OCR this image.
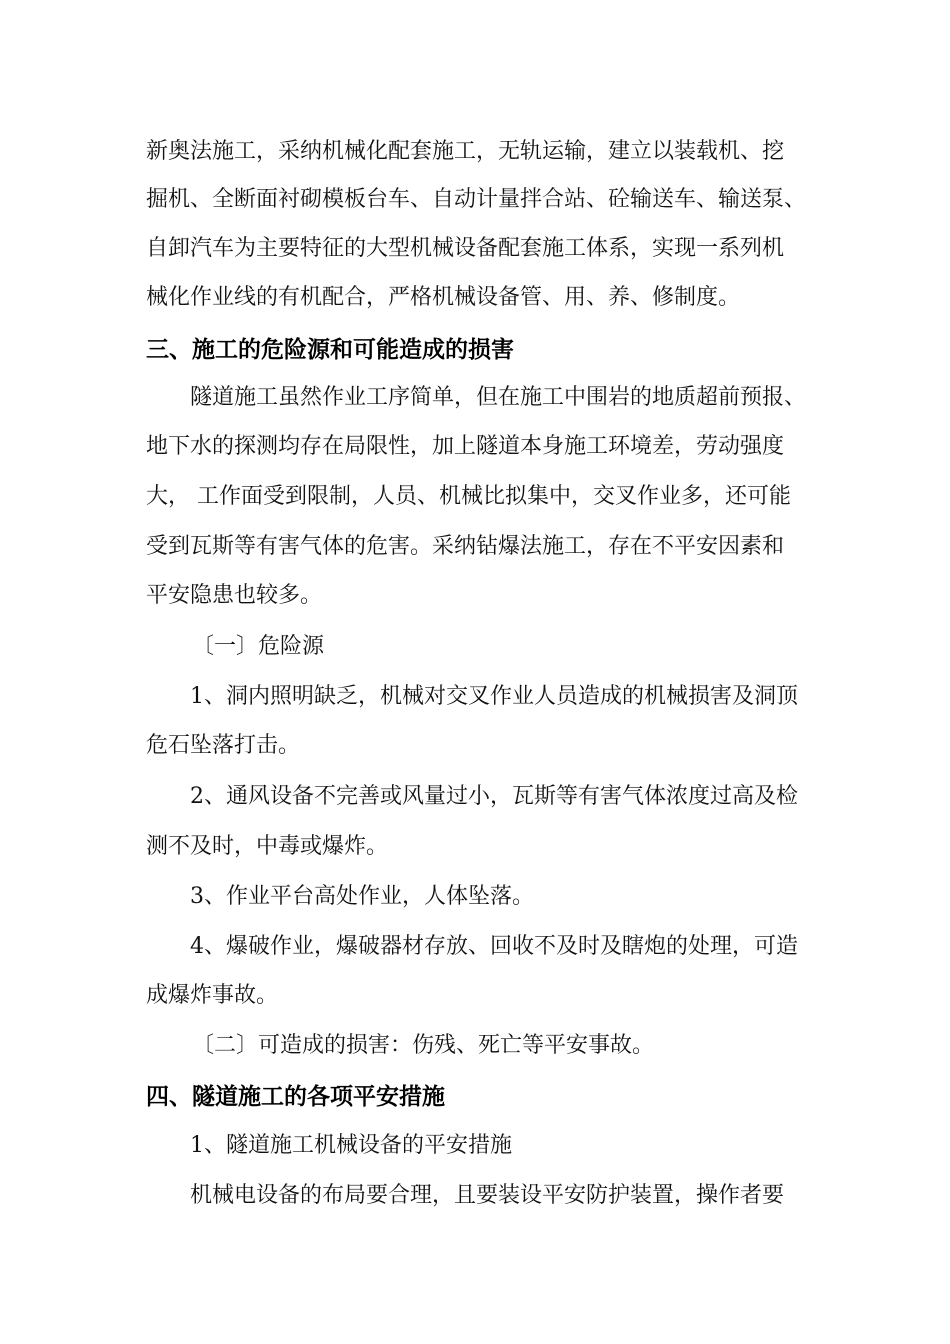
新奥法施工，采纳机械化配套施工，无轨运输，建立以装载机、挖
掘机、全断面衬砌模板台车、自动计量拌合站、砼输送车、输送泵、
自卸汽车为主要特征的大型机械设备配套施工体系，实现一系列机
械化作业线的有机配合，严格机械设备管、用、养、修制度。
三、施工的危险源和可能造成的损害
隧道施工虽然作业工序简单，但在施工中围岩的地质超前预报、
地下水的探测均存在局限性，加上隧道本身施工环境差，劳动强度
大， 工作面受到限制，人员、机械比拟集中，交叉作业多，还可能
受到瓦斯等有害气体的危害。采纳钻爆法施工，存在不平安因素和
平安隐患也较多。
〔一〕危险源
1、洞内照明缺乏，机械对交叉作业人员造成的机械损害及洞顶
危石坠落打击。
2、通风设备不完善或风量过小，瓦斯等有害气体浓度过高及检
测不及时，中毒或爆炸。
3、作业平台高处作业，人体坠落。
4、爆破作业，爆破器材存放、回收不及时及瞎炮的处理，可造
成爆炸事故。
〔二〕可造成的损害：伤残、死亡等平安事故。
四、隧道施工的各项平安措施
1、隧道施工机械设备的平安措施
机械电设备的布局要合理，且要装设平安防护装置，操作者要
